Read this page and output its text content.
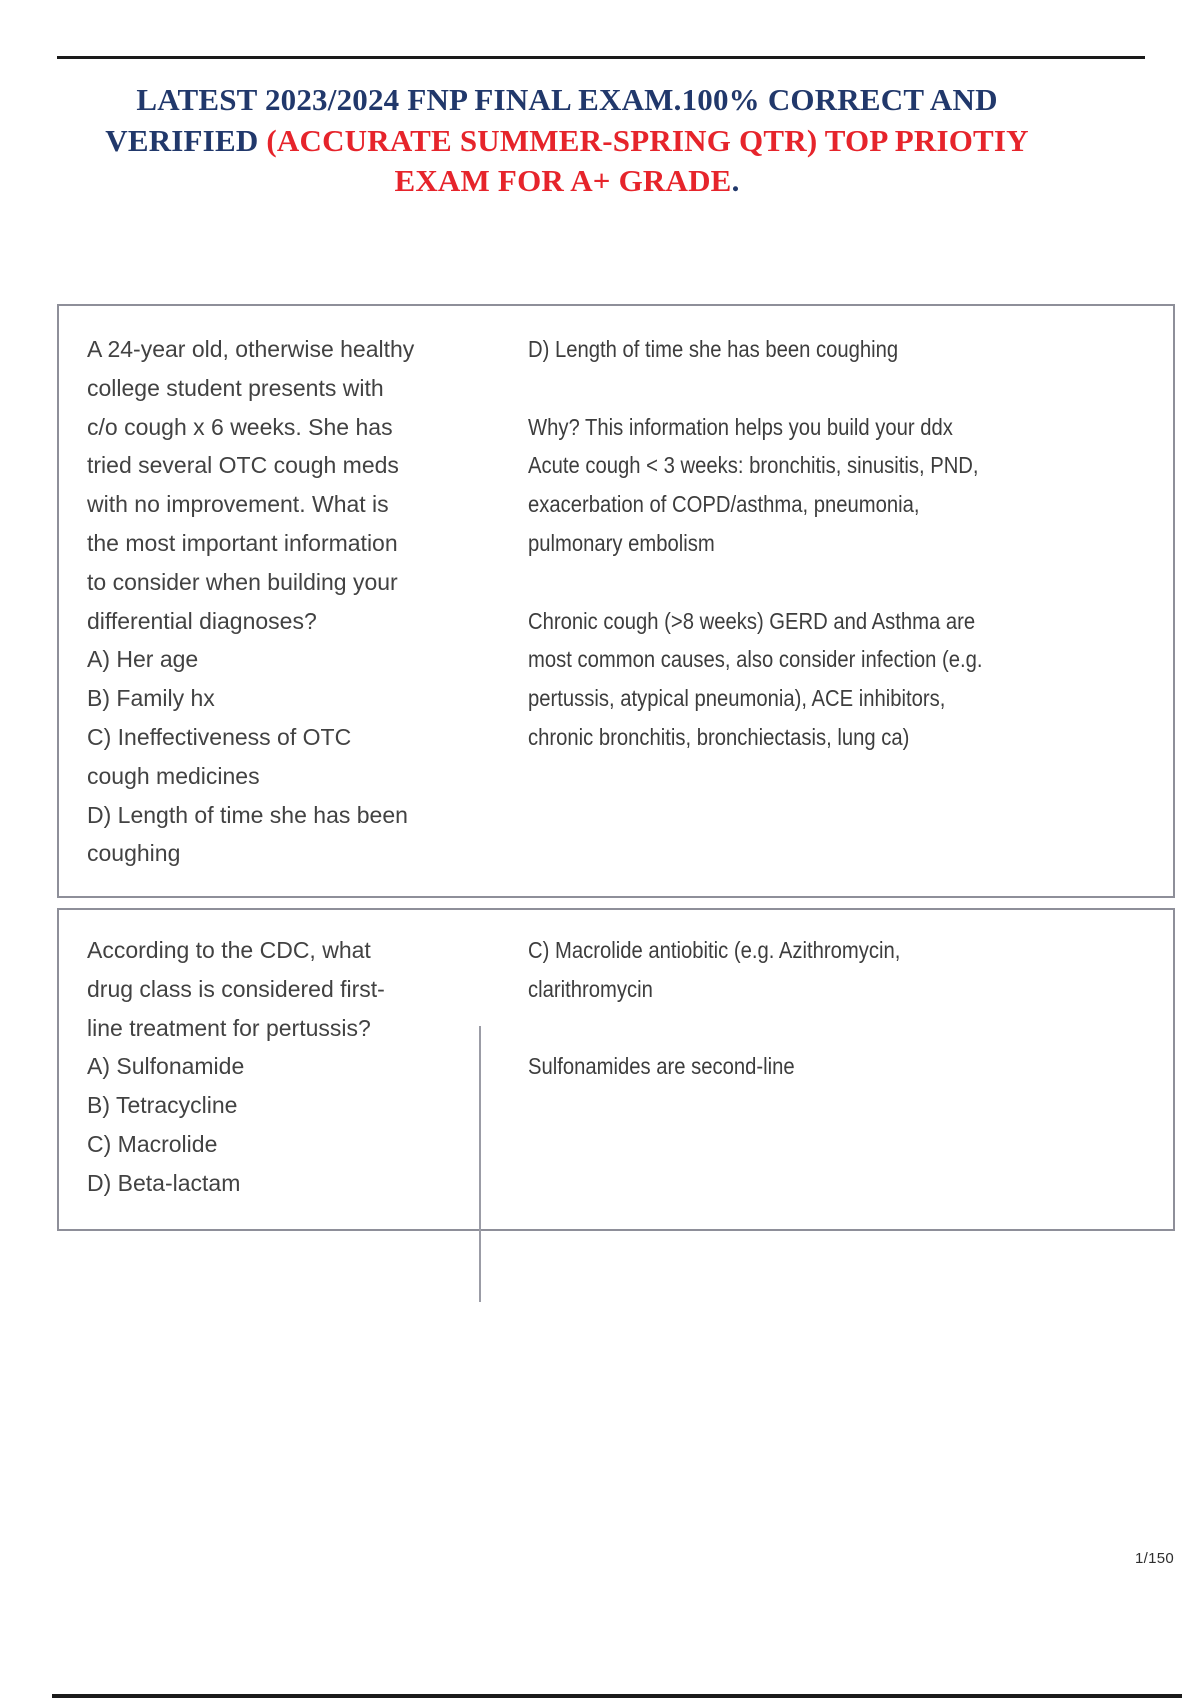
LATEST 2023/2024 FNP FINAL EXAM.100% CORRECT AND
VERIFIED (ACCURATE SUMMER-SPRING QTR) TOP PRIOTIY
EXAM FOR A+ GRADE.
A 24-year old, otherwise healthy
college student presents with
c/o cough x 6 weeks. She has
tried several OTC cough meds
with no improvement. What is
the most important information
to consider when building your
differential diagnoses?
A) Her age
B) Family hx
C) Ineffectiveness of OTC
cough medicines
D) Length of time she has been
coughing
D) Length of time she has been coughing

Why? This information helps you build your ddx
Acute cough < 3 weeks: bronchitis, sinusitis, PND,
exacerbation of COPD/asthma, pneumonia,
pulmonary embolism

Chronic cough (>8 weeks) GERD and Asthma are
most common causes, also consider infection (e.g.
pertussis, atypical pneumonia), ACE inhibitors,
chronic bronchitis, bronchiectasis, lung ca)
According to the CDC, what
drug class is considered first-
line treatment for pertussis?
A) Sulfonamide
B) Tetracycline
C) Macrolide
D) Beta-lactam
C) Macrolide antiobitic (e.g. Azithromycin,
clarithromycin

Sulfonamides are second-line
1/150
